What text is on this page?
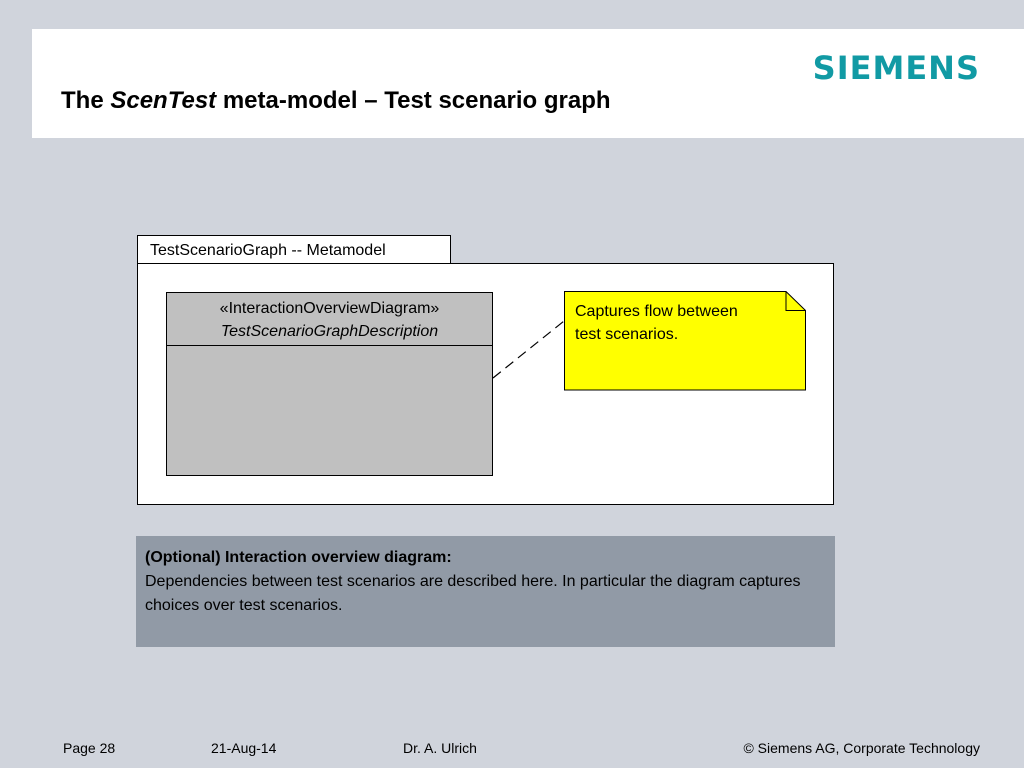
SIEMENS
The ScenTest meta-model – Test scenario graph
TestScenarioGraph -- Metamodel
«InteractionOverviewDiagram»
TestScenarioGraphDescription
Captures flow between
test scenarios.
(Optional) Interaction overview diagram:
Dependencies between test scenarios are described here. In particular the diagram captures choices over test scenarios.
Page 28	21-Aug-14	Dr. A. Ulrich	© Siemens AG, Corporate Technology
